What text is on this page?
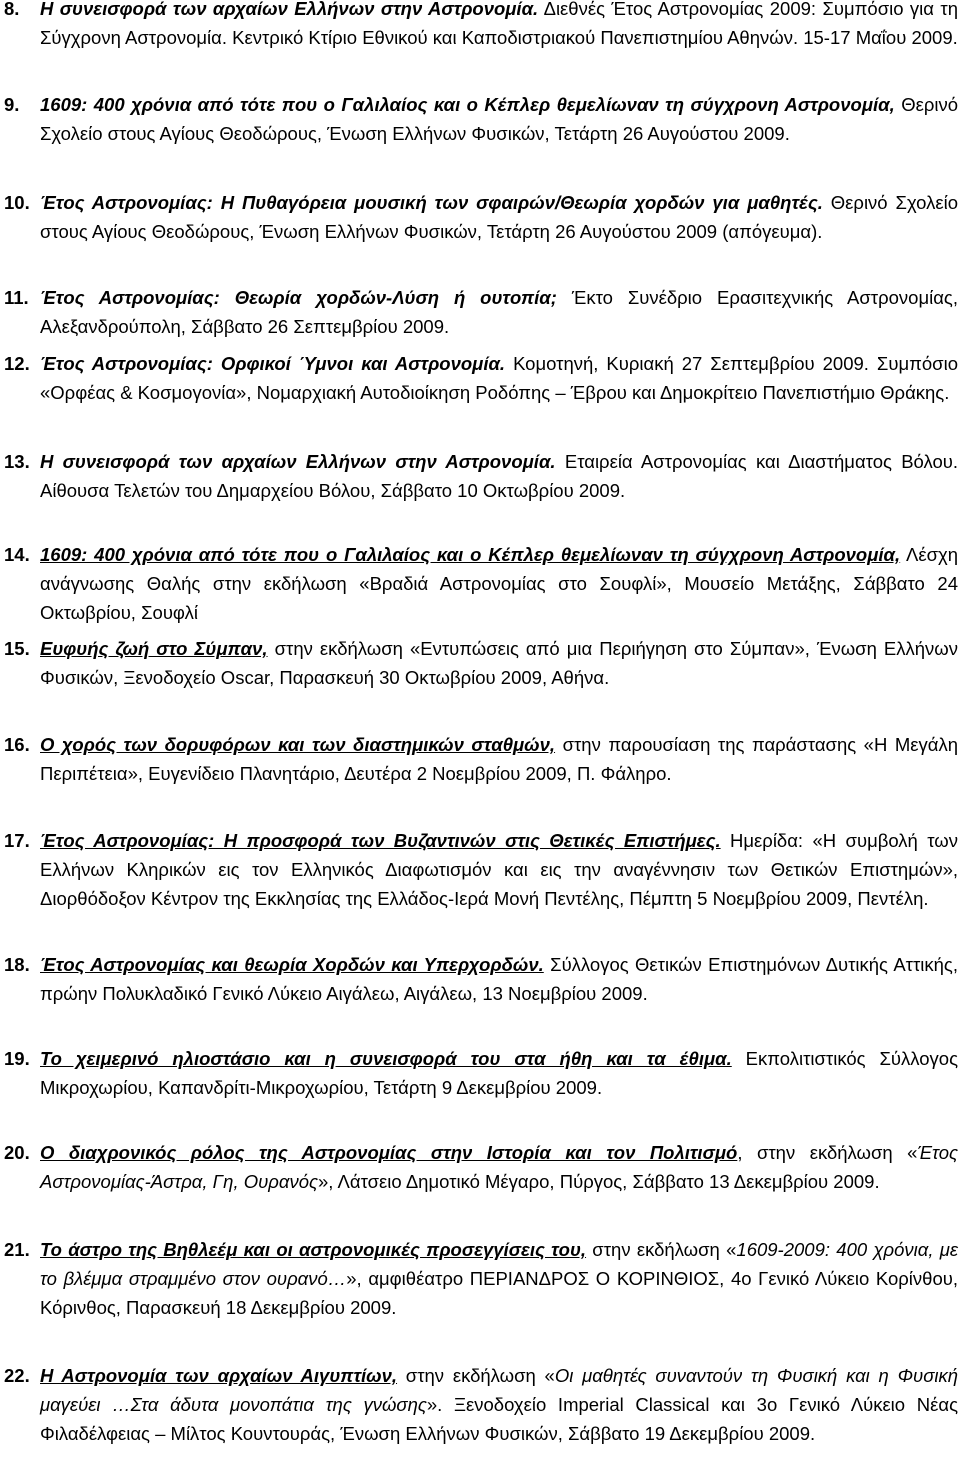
8. Η συνεισφορά των αρχαίων Ελλήνων στην Αστρονομία. Διεθνές Έτος Αστρονομίας 2009: Συμπόσιο για τη Σύγχρονη Αστρονομία. Κεντρικό Κτίριο Εθνικού και Καποδιστριακού Πανεπιστημίου Αθηνών. 15-17 Μαΐου 2009.
9. 1609: 400 χρόνια από τότε που ο Γαλιλαίος και ο Κέπλερ θεμελίωναν τη σύγχρονη Αστρονομία, Θερινό Σχολείο στους Αγίους Θεοδώρους, Ένωση Ελλήνων Φυσικών, Τετάρτη 26 Αυγούστου 2009.
10. Έτος Αστρονομίας: Η Πυθαγόρεια μουσική των σφαιρών/Θεωρία χορδών για μαθητές. Θερινό Σχολείο στους Αγίους Θεοδώρους, Ένωση Ελλήνων Φυσικών, Τετάρτη 26 Αυγούστου 2009 (απόγευμα).
11. Έτος Αστρονομίας: Θεωρία χορδών-Λύση ή ουτοπία; Έκτο Συνέδριο Ερασιτεχνικής Αστρονομίας, Αλεξανδρούπολη, Σάββατο 26 Σεπτεμβρίου 2009.
12. Έτος Αστρονομίας: Ορφικοί Ύμνοι και Αστρονομία. Κομοτηνή, Κυριακή 27 Σεπτεμβρίου 2009. Συμπόσιο «Ορφέας & Κοσμογονία», Νομαρχιακή Αυτοδιοίκηση Ροδόπης – Έβρου και Δημοκρίτειο Πανεπιστήμιο Θράκης.
13. Η συνεισφορά των αρχαίων Ελλήνων στην Αστρονομία. Εταιρεία Αστρονομίας και Διαστήματος Βόλου. Αίθουσα Τελετών του Δημαρχείου Βόλου, Σάββατο 10 Οκτωβρίου 2009.
14. 1609: 400 χρόνια από τότε που ο Γαλιλαίος και ο Κέπλερ θεμελίωναν τη σύγχρονη Αστρονομία, Λέσχη ανάγνωσης Θαλής στην εκδήλωση «Βραδιά Αστρονομίας στο Σουφλί», Μουσείο Μετάξης, Σάββατο 24 Οκτωβρίου, Σουφλί
15. Ευφυής ζωή στο Σύμπαν, στην εκδήλωση «Εντυπώσεις από μια Περιήγηση στο Σύμπαν», Ένωση Ελλήνων Φυσικών, Ξενοδοχείο Oscar, Παρασκευή 30 Οκτωβρίου 2009, Αθήνα.
16. Ο χορός των δορυφόρων και των διαστημικών σταθμών, στην παρουσίαση της παράστασης «Η Μεγάλη Περιπέτεια», Ευγενίδειο Πλανητάριο, Δευτέρα 2 Νοεμβρίου 2009, Π. Φάληρο.
17. Έτος Αστρονομίας: Η προσφορά των Βυζαντινών στις Θετικές Επιστήμες. Ημερίδα: «Η συμβολή των Ελλήνων Κληρικών εις τον Ελληνικός Διαφωτισμόν και εις την αναγέννησιν των Θετικών Επιστημών», Διορθόδοξον Κέντρον της Εκκλησίας της Ελλάδος-Ιερά Μονή Πεντέλης, Πέμπτη 5 Νοεμβρίου 2009, Πεντέλη.
18. Έτος Αστρονομίας και θεωρία Χορδών και Υπερχορδών. Σύλλογος Θετικών Επιστημόνων Δυτικής Αττικής, πρώην Πολυκλαδικό Γενικό Λύκειο Αιγάλεω, Αιγάλεω, 13 Νοεμβρίου 2009.
19. Το χειμερινό ηλιοστάσιο και η συνεισφορά του στα ήθη και τα έθιμα. Εκπολιτιστικός Σύλλογος Μικροχωρίου, Καπανδρίτι-Μικροχωρίου, Τετάρτη 9 Δεκεμβρίου 2009.
20. Ο διαχρονικός ρόλος της Αστρονομίας στην Ιστορία και τον Πολιτισμό, στην εκδήλωση «Έτος Αστρονομίας-Άστρα, Γη, Ουρανός», Λάτσειο Δημοτικό Μέγαρο, Πύργος, Σάββατο 13 Δεκεμβρίου 2009.
21. Το άστρο της Βηθλεέμ και οι αστρονομικές προσεγγίσεις του, στην εκδήλωση «1609-2009: 400 χρόνια, με το βλέμμα στραμμένο στον ουρανό…», αμφιθέατρο ΠΕΡΙΑΝΔΡΟΣ Ο ΚΟΡΙΝΘΙΟΣ, 4ο Γενικό Λύκειο Κορίνθου, Κόρινθος, Παρασκευή 18 Δεκεμβρίου 2009.
22. Η Αστρονομία των αρχαίων Αιγυπτίων, στην εκδήλωση «Οι μαθητές συναντούν τη Φυσική και η Φυσική μαγεύει …Στα άδυτα μονοπάτια της γνώσης». Ξενοδοχείο Imperial Classical και 3ο Γενικό Λύκειο Νέας Φιλαδέλφειας – Μίλτος Κουντουράς, Ένωση Ελλήνων Φυσικών, Σάββατο 19 Δεκεμβρίου 2009.
